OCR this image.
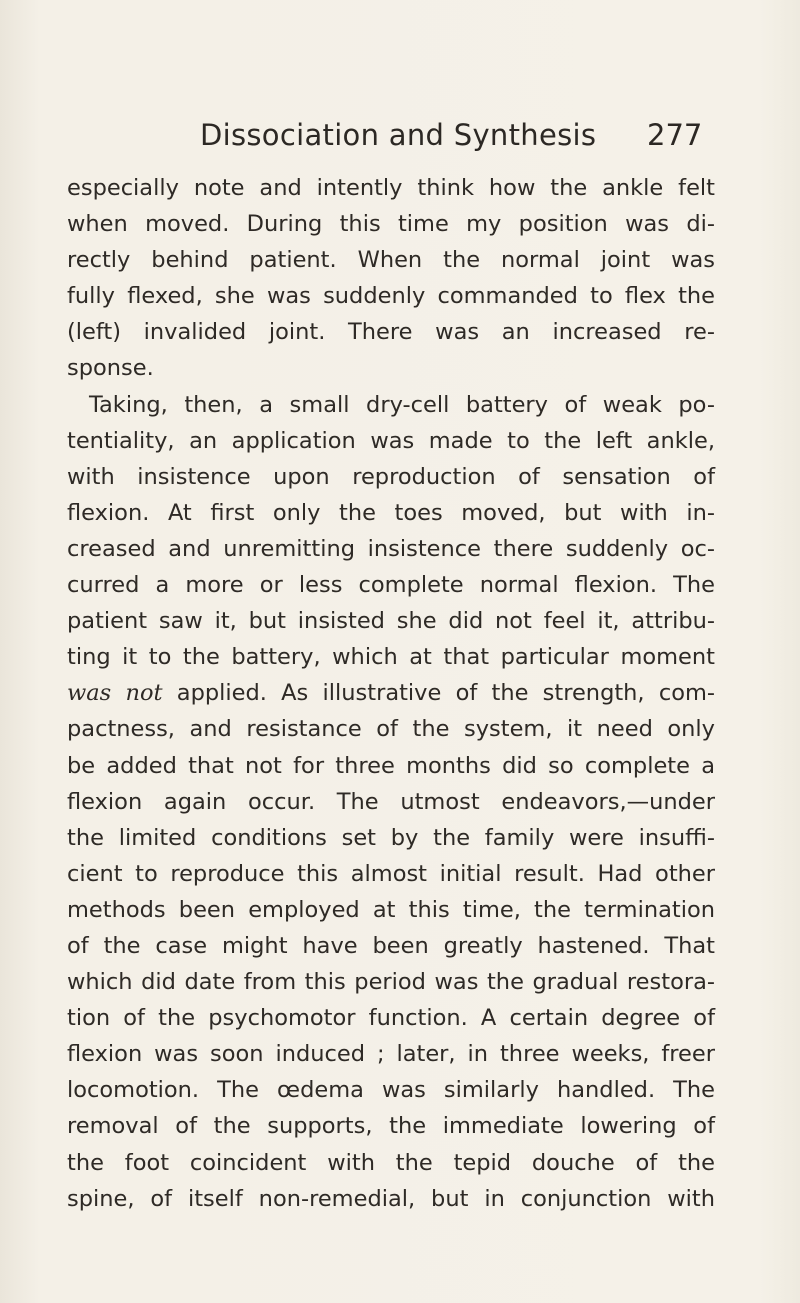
Dissociation and Synthesis 277
especially note and intently think how the ankle felt
when moved. During this time my position was di-
rectly behind patient. When the normal joint was
fully flexed, she was suddenly commanded to flex the
(left) invalided joint. There was an increased re-
sponse.
Taking, then, a small dry-cell battery of weak po-
tentiality, an application was made to the left ankle,
with insistence upon reproduction of sensation of
flexion. At first only the toes moved, but with in-
creased and unremitting insistence there suddenly oc-
curred a more or less complete normal flexion. The
patient saw it, but insisted she did not feel it, attribu-
ting it to the battery, which at that particular moment
was not applied. As illustrative of the strength, com-
pactness, and resistance of the system, it need only
be added that not for three months did so complete a
flexion again occur. The utmost endeavors,—under
the limited conditions set by the family were insuffi-
cient to reproduce this almost initial result. Had other
methods been employed at this time, the termination
of the case might have been greatly hastened. That
which did date from this period was the gradual restora-
tion of the psychomotor function. A certain degree of
flexion was soon induced ; later, in three weeks, freer
locomotion. The œdema was similarly handled. The
removal of the supports, the immediate lowering of
the foot coincident with the tepid douche of the
spine, of itself non-remedial, but in conjunction with
